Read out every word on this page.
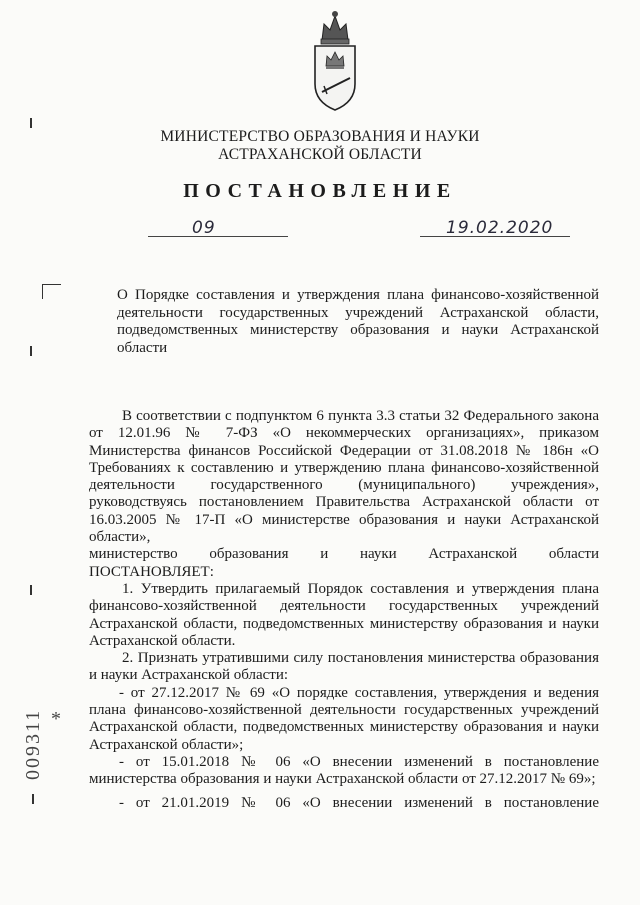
МИНИСТЕРСТВО ОБРАЗОВАНИЯ И НАУКИ
АСТРАХАНСКОЙ ОБЛАСТИ
ПОСТАНОВЛЕНИЕ
09	19.02.2020

О Порядке составления и утверждения плана финансово-хозяйственной деятельности государственных учреждений Астраханской области, подведомственных министерству образования и науки Астраханской области

В соответствии с подпунктом 6 пункта 3.3 статьи 32 Федерального закона от 12.01.96 № 7-ФЗ «О некоммерческих организациях», приказом Министерства финансов Российской Федерации от 31.08.2018 № 186н «О Требованиях к составлению и утверждению плана финансово-хозяйственной деятельности государственного (муниципального) учреждения», руководствуясь постановлением Правительства Астраханской области от 16.03.2005 № 17-П «О министерстве образования и науки Астраханской области»,

министерство образования и науки Астраханской области

ПОСТАНОВЛЯЕТ:

1. Утвердить прилагаемый Порядок составления и утверждения плана финансово-хозяйственной деятельности государственных учреждений Астраханской области, подведомственных министерству образования и науки Астраханской области.

2. Признать утратившими силу постановления министерства образования и науки Астраханской области:

- от 27.12.2017 № 69 «О порядке составления, утверждения и ведения плана финансово-хозяйственной деятельности государственных учреждений Астраханской области, подведомственных министерству образования и науки Астраханской области»;

- от 15.01.2018 № 06 «О внесении изменений в постановление министерства образования и науки Астраханской области от 27.12.2017 № 69»;

- от 21.01.2019 № 06 «О внесении изменений в постановление

*
009311
